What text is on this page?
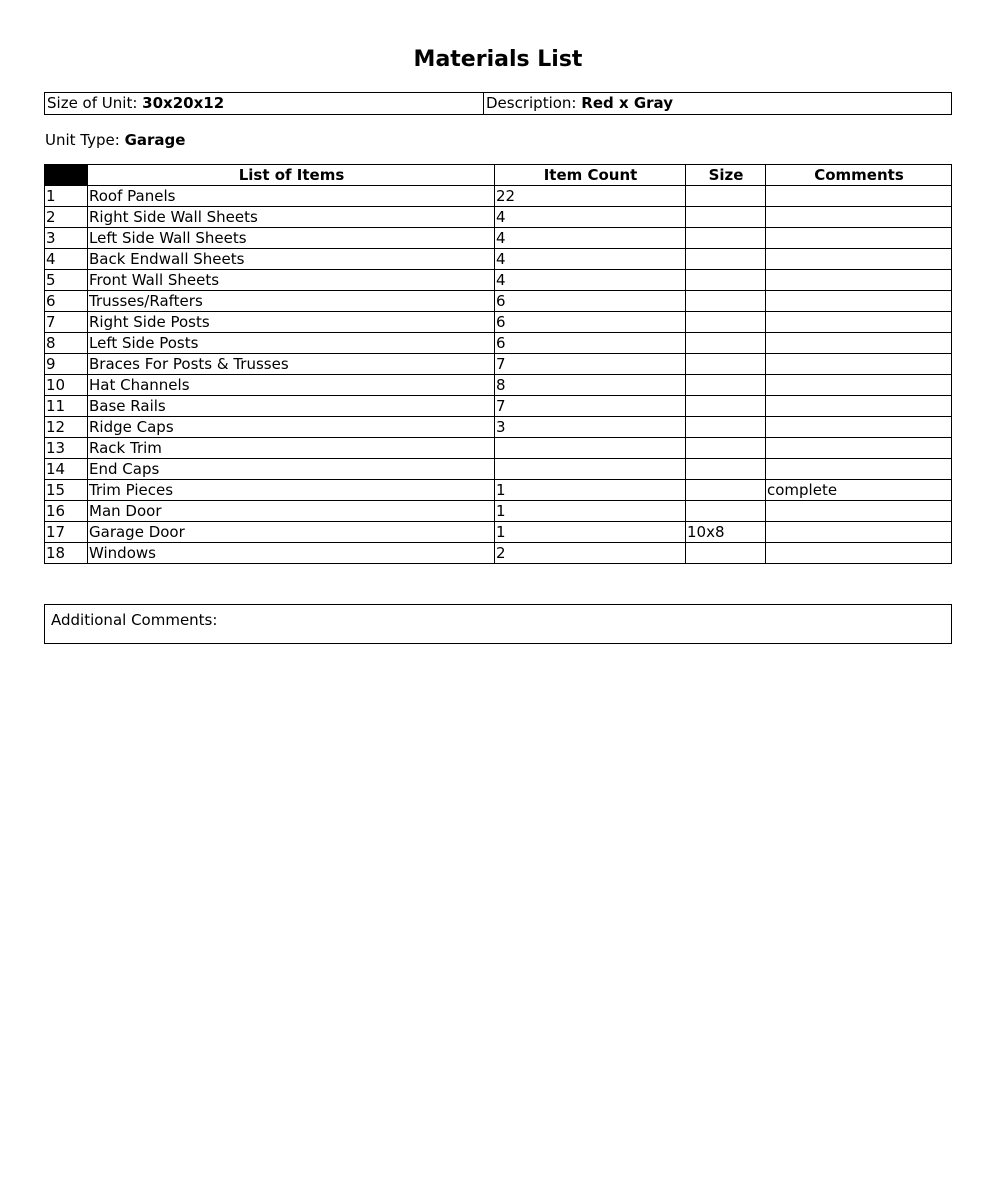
Materials List
Size of Unit: 30x20x12	Description: Red x Gray
Unit Type: Garage
	List of Items	Item Count	Size	Comments
1	Roof Panels	22		
2	Right Side Wall Sheets	4		
3	Left Side Wall Sheets	4		
4	Back Endwall Sheets	4		
5	Front Wall Sheets	4		
6	Trusses/Rafters	6		
7	Right Side Posts	6		
8	Left Side Posts	6		
9	Braces For Posts & Trusses	7		
10	Hat Channels	8		
11	Base Rails	7		
12	Ridge Caps	3		
13	Rack Trim			
14	End Caps			
15	Trim Pieces	1		complete
16	Man Door	1		
17	Garage Door	1	10x8	
18	Windows	2		
Additional Comments:
